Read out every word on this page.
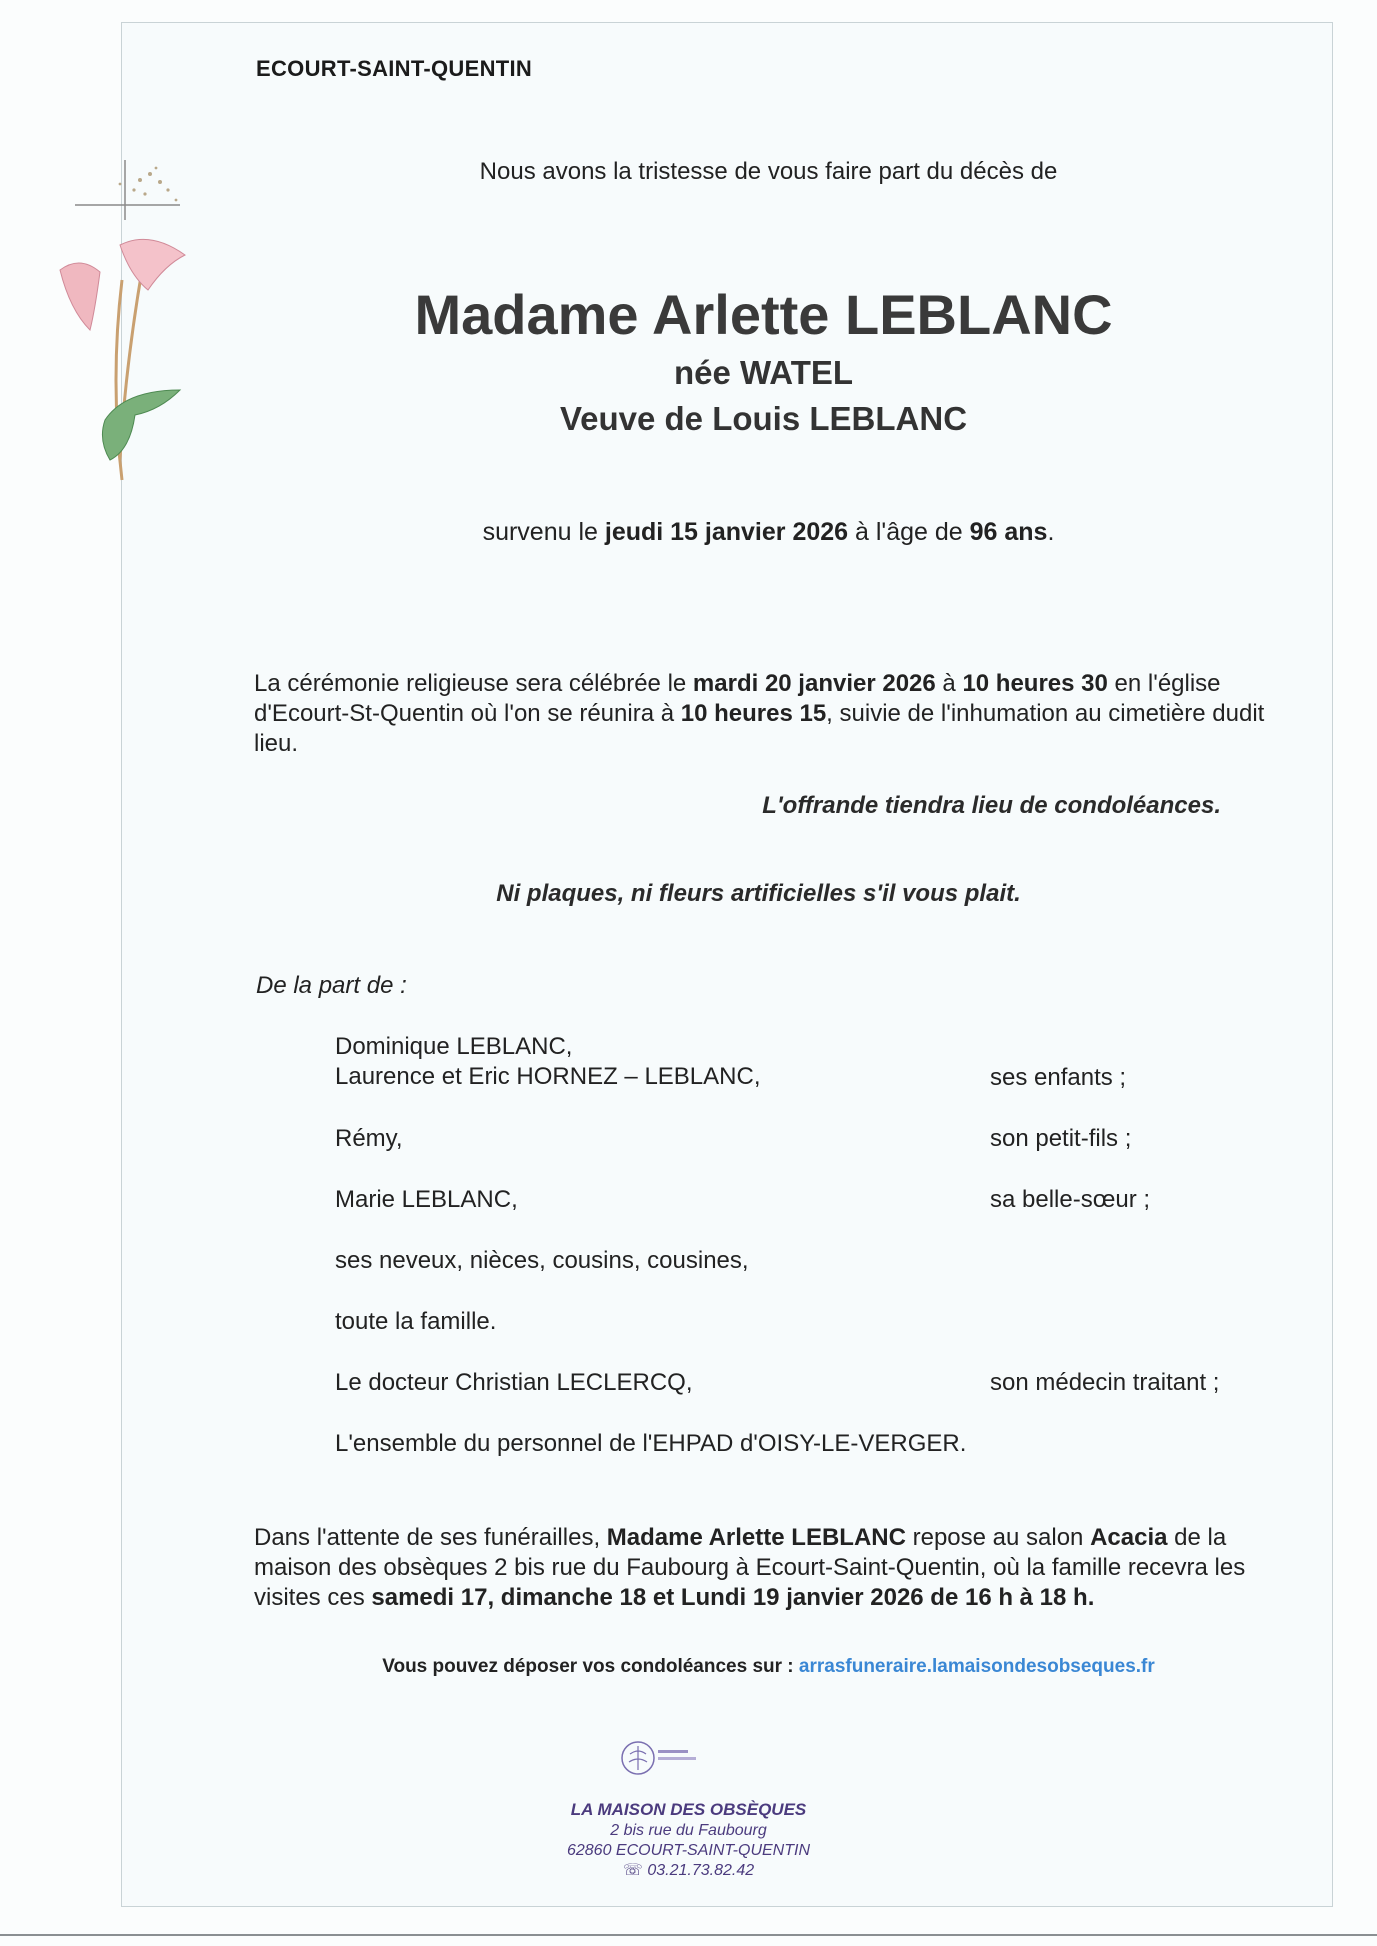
ECOURT-SAINT-QUENTIN
Nous avons la tristesse de vous faire part du décès de
Madame Arlette LEBLANC
née WATEL
Veuve de Louis LEBLANC
survenu le jeudi 15 janvier 2026 à l'âge de 96 ans.
La cérémonie religieuse sera célébrée le mardi 20 janvier 2026 à 10 heures 30 en l'église d'Ecourt-St-Quentin où l'on se réunira à 10 heures 15, suivie de l'inhumation au cimetière dudit lieu.
L'offrande tiendra lieu de condoléances.
Ni plaques, ni fleurs artificielles s'il vous plait.
De la part de :
Dominique LEBLANC,
Laurence et Eric HORNEZ – LEBLANC,	ses enfants ;
Rémy,	son petit-fils ;
Marie LEBLANC,	sa belle-sœur ;
ses neveux, nièces, cousins, cousines,
toute la famille.
Le docteur Christian LECLERCQ,	son médecin traitant ;
L'ensemble du personnel de l'EHPAD d'OISY-LE-VERGER.
Dans l'attente de ses funérailles, Madame Arlette LEBLANC repose au salon Acacia de la maison des obsèques 2 bis rue du Faubourg à Ecourt-Saint-Quentin, où la famille recevra les visites ces samedi 17, dimanche 18 et Lundi 19 janvier 2026 de 16 h à 18 h.
Vous pouvez déposer vos condoléances sur : arrasfuneraire.lamaisondesobseques.fr
LA MAISON DES OBSÈQUES
2 bis rue du Faubourg
62860 ECOURT-SAINT-QUENTIN
☏ 03.21.73.82.42
